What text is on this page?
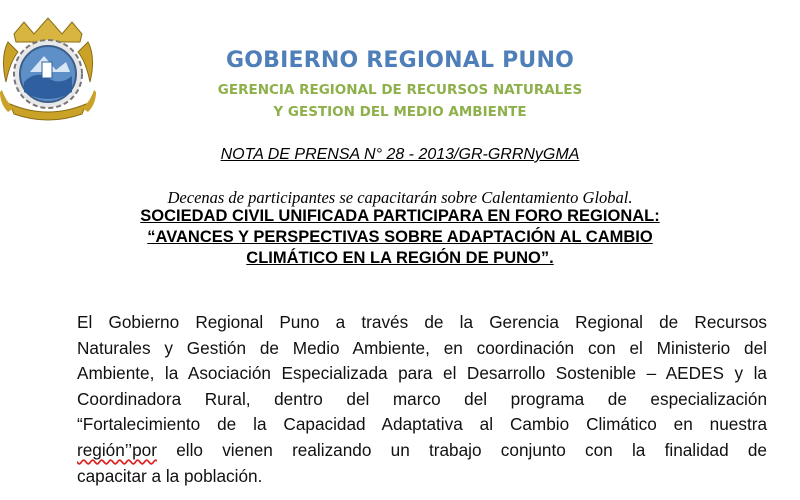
GOBIERNO REGIONAL PUNO
GERENCIA REGIONAL DE RECURSOS NATURALES
Y GESTION DEL MEDIO AMBIENTE
NOTA DE PRENSA N° 28 - 2013/GR-GRRNyGMA
Decenas de participantes se capacitarán sobre Calentamiento Global.
SOCIEDAD CIVIL UNIFICADA PARTICIPARA EN FORO REGIONAL:
“AVANCES Y PERSPECTIVAS SOBRE ADAPTACIÓN AL CAMBIO
CLIMÁTICO EN LA REGIÓN DE PUNO”.
El Gobierno Regional Puno a través de la Gerencia Regional de Recursos
Naturales y Gestión de Medio Ambiente, en coordinación con el Ministerio del
Ambiente, la Asociación Especializada para el Desarrollo Sostenible – AEDES y la
Coordinadora Rural, dentro del marco del programa de especialización
“Fortalecimiento de la Capacidad Adaptativa al Cambio Climático en nuestra
región’’por ello vienen realizando un trabajo conjunto con la finalidad de
capacitar a la población.
